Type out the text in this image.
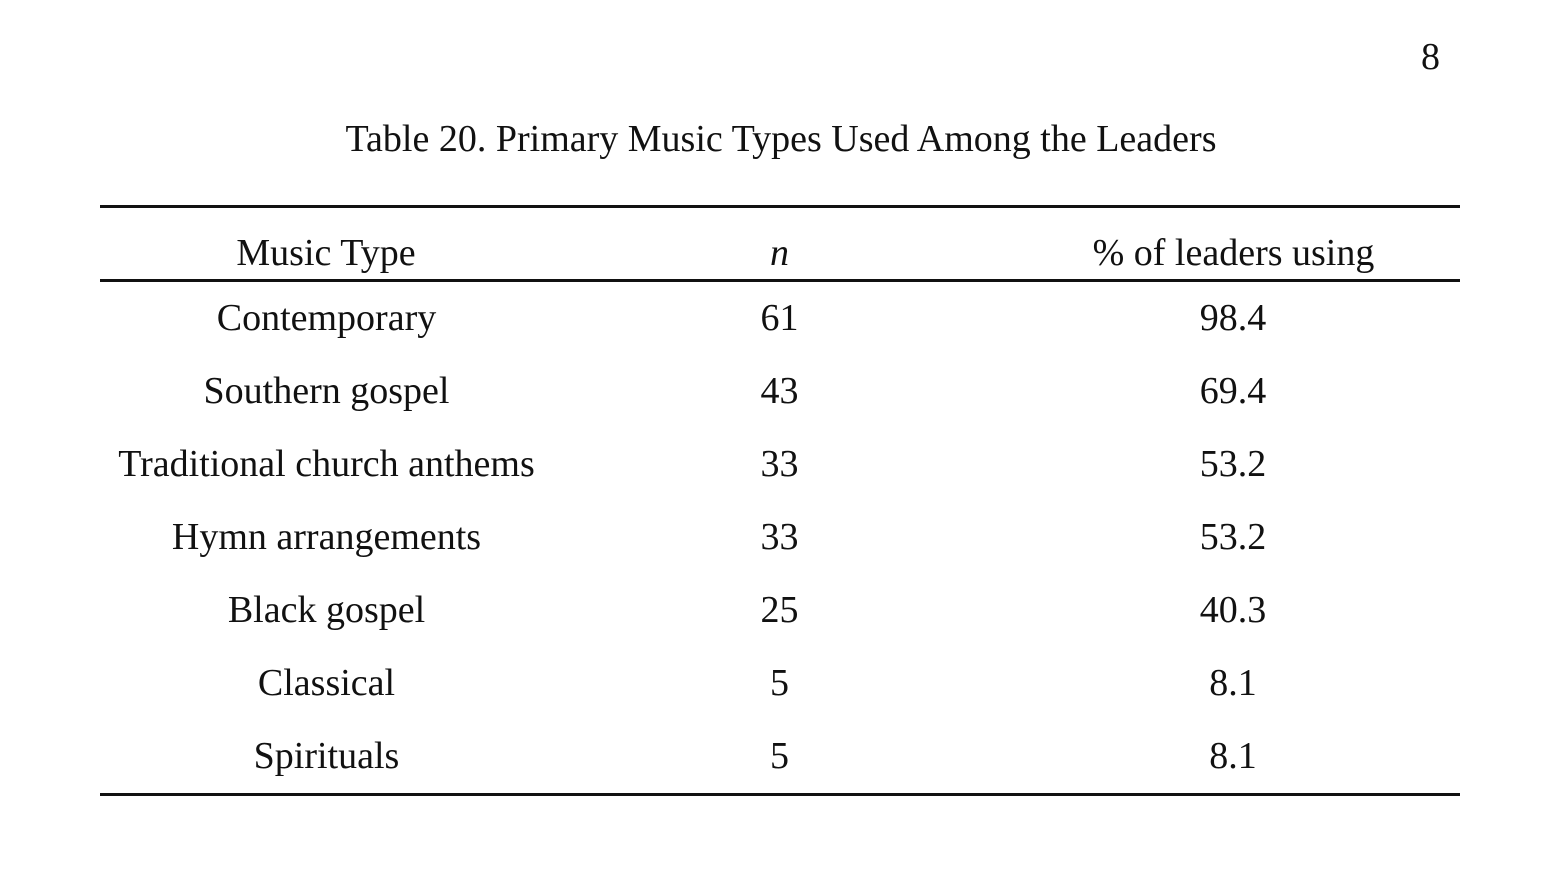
8
Table 20. Primary Music Types Used Among the Leaders
Music Type	n	% of leaders using
Contemporary	61	98.4
Southern gospel	43	69.4
Traditional church anthems	33	53.2
Hymn arrangements	33	53.2
Black gospel	25	40.3
Classical	5	8.1
Spirituals	5	8.1
